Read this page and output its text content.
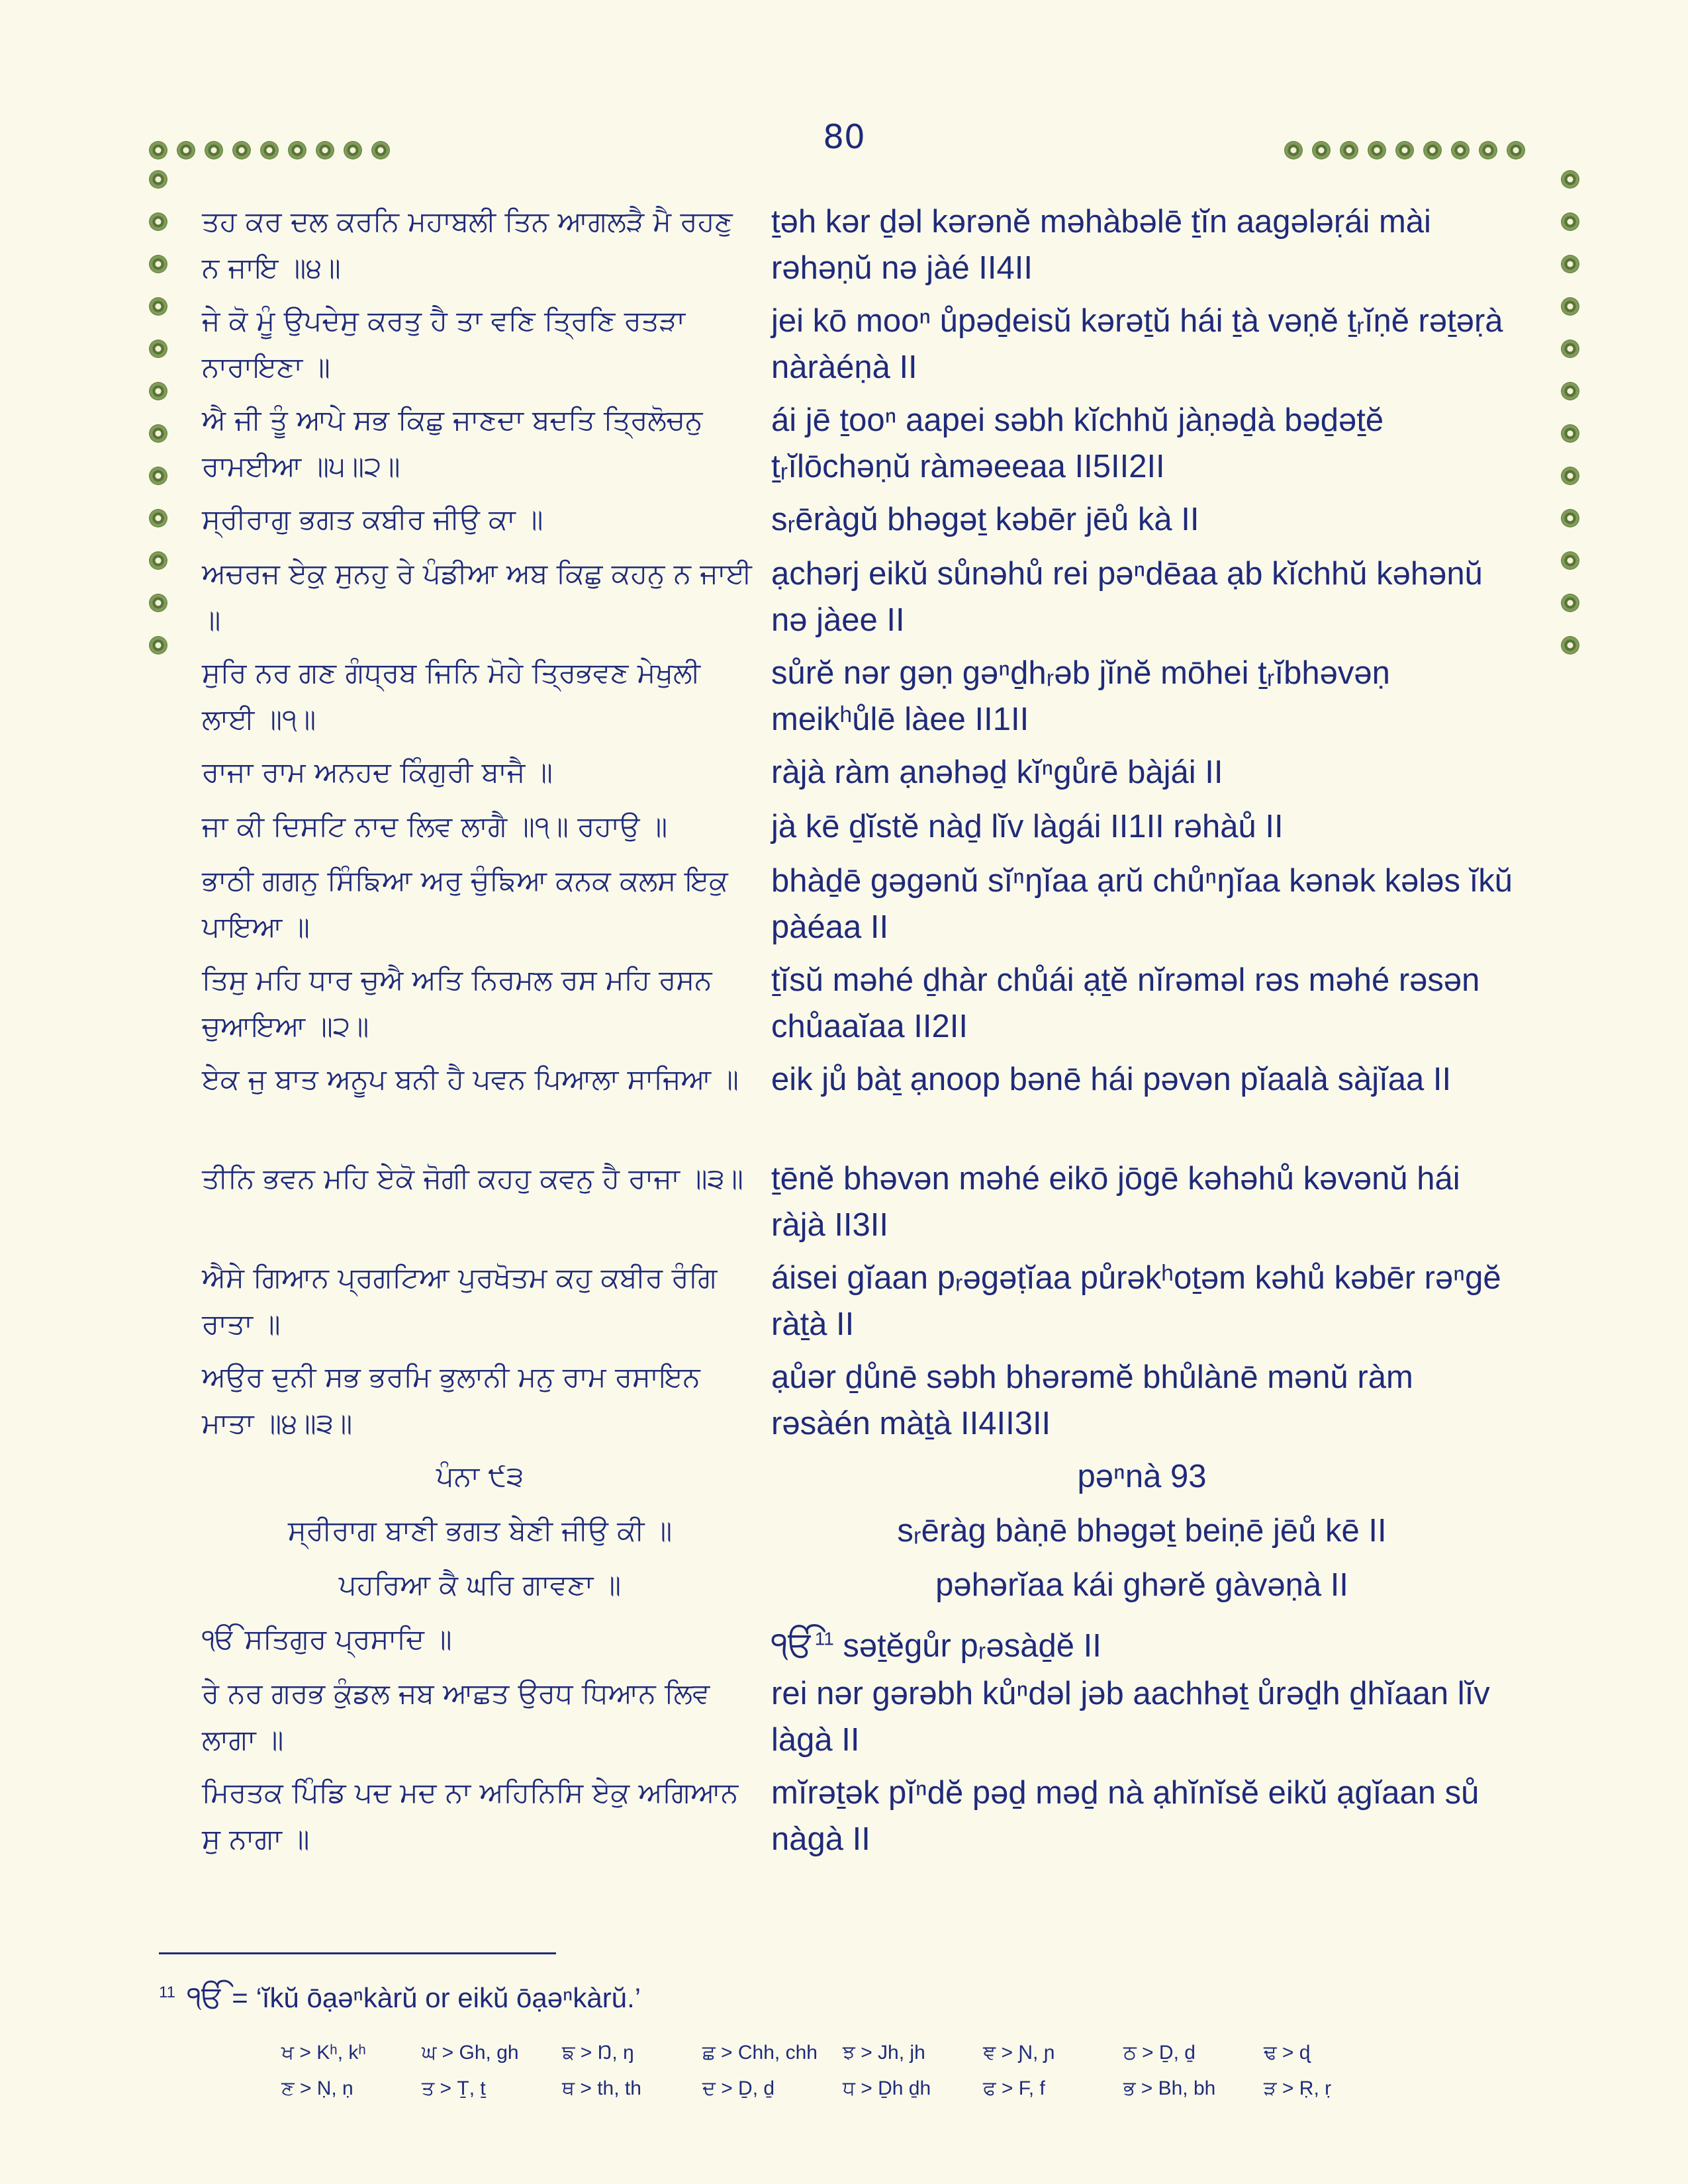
80
ਤਹ ਕਰ ਦਲ ਕਰਨਿ ਮਹਾਬਲੀ ਤਿਨ ਆਗਲੜੈ ਮੈ ਰਹਣੁ ਨ ਜਾਇ ॥੪॥
ṯəh kər ḏəl kərənĕ məhàbəlē ṯĭn aagələṛái mài rəhəṇŭ nə jàé II4II
ਜੇ ਕੋ ਮੂੰ ਉਪਦੇਸੁ ਕਰਤੁ ਹੈ ਤਾ ਵਣਿ ਤ੍ਰਿਣਿ ਰਤੜਾ ਨਾਰਾਇਣਾ ॥
jei kō mooⁿ ůpəḏeisŭ kərəṯŭ hái ṯà vəṇĕ ṯᵣĭṇĕ rəṯəṛà nàràéṇà II
ਐ ਜੀ ਤੂੰ ਆਪੇ ਸਭ ਕਿਛੁ ਜਾਣਦਾ ਬਦਤਿ ਤ੍ਰਿਲੋਚਨੁ ਰਾਮਈਆ ॥੫॥੨॥
ái jē ṯooⁿ aapei səbh kĭchhŭ jàṇəḏà bəḏəṯĕ ṯᵣĭlōchəṇŭ ràməeeaa II5II2II
ਸ੍ਰੀਰਾਗੁ ਭਗਤ ਕਬੀਰ ਜੀਉ ਕਾ ॥	sᵣēràgŭ bhəgəṯ kəbēr jēů kà II
ਅਚਰਜ ਏਕੁ ਸੁਨਹੁ ਰੇ ਪੰਡੀਆ ਅਬ ਕਿਛੁ ਕਹਨੁ ਨ ਜਾਈ ॥
ạchərj eikŭ sůnəhů rei pəⁿdēaa ạb kĭchhŭ kəhənŭ nə jàee II
ਸੁਰਿ ਨਰ ਗਣ ਗੰਧ੍ਰਬ ਜਿਨਿ ਮੋਹੇ ਤ੍ਰਿਭਵਣ ਮੇਖੁਲੀ ਲਾਈ ॥੧॥
sůrĕ nər gəṇ gəⁿḏhᵣəb jĭnĕ mōhei ṯᵣĭbhəvəṇ meikʰůlē làee II1II
ਰਾਜਾ ਰਾਮ ਅਨਹਦ ਕਿੰਗੁਰੀ ਬਾਜੈ ॥	ràjà ràm ạnəhəḏ kĭⁿgůrē bàjái II
ਜਾ ਕੀ ਦਿਸਟਿ ਨਾਦ ਲਿਵ ਲਾਗੈ ॥੧॥ ਰਹਾਉ ॥	jà kē ḏĭstĕ nàḏ lĭv làgái II1II rəhàů II
ਭਾਠੀ ਗਗਨੁ ਸਿੰਙਿਆ ਅਰੁ ਚੁੰਙਿਆ ਕਨਕ ਕਲਸ ਇਕੁ ਪਾਇਆ ॥
bhàḏē gəgənŭ sĭⁿŋĭaa ạrŭ chůⁿŋĭaa kənək kələs ĭkŭ pàéaa II
ਤਿਸੁ ਮਹਿ ਧਾਰ ਚੁਐ ਅਤਿ ਨਿਰਮਲ ਰਸ ਮਹਿ ਰਸਨ ਚੁਆਇਆ ॥੨॥
ṯĭsŭ məhé ḏhàr chůái ạṯĕ nĭrəməl rəs məhé rəsən chůaaĭaa II2II
ਏਕ ਜੁ ਬਾਤ ਅਨੂਪ ਬਨੀ ਹੈ ਪਵਨ ਪਿਆਲਾ ਸਾਜਿਆ ॥	eik jů bàṯ ạnoop bənē hái pəvən pĭaalà sàjĭaa II
ਤੀਨਿ ਭਵਨ ਮਹਿ ਏਕੋ ਜੋਗੀ ਕਹਹੁ ਕਵਨੁ ਹੈ ਰਾਜਾ ॥੩॥ ṯēnĕ bhəvən məhé eikō jōgē kəhəhů kəvənŭ hái ràjà II3II
ਐਸੇ ਗਿਆਨ ਪ੍ਰਗਟਿਆ ਪੁਰਖੋਤਮ ਕਹੁ ਕਬੀਰ ਰੰਗਿ ਰਾਤਾ ॥
áisei gĭaan pᵣəgəṭĭaa půrəkʰoṯəm kəhů kəbēr rəⁿgĕ ràṯà II
ਅਉਰ ਦੁਨੀ ਸਭ ਭਰਮਿ ਭੁਲਾਨੀ ਮਨੁ ਰਾਮ ਰਸਾਇਨ ਮਾਤਾ ॥੪॥੩॥
ạůər ḏůnē səbh bhərəmĕ bhůlànē mənŭ ràm rəsàén màṯà II4II3II
ਪੰਨਾ ੯੩	pəⁿnà 93
ਸ੍ਰੀਰਾਗ ਬਾਣੀ ਭਗਤ ਬੇਣੀ ਜੀਉ ਕੀ ॥	sᵣēràg bàṇē bhəgəṯ beiṇē jēů kē II
ਪਹਰਿਆ ਕੈ ਘਰਿ ਗਾਵਣਾ ॥	pəhərĭaa kái ghərĕ gàvəṇà II
ੴ ਸਤਿਗੁਰ ਪ੍ਰਸਾਦਿ ॥	ੴ$^{11}$ səṯĕgůr pᵣəsàḏĕ II
ਰੇ ਨਰ ਗਰਭ ਕੁੰਡਲ ਜਬ ਆਛਤ ਉਰਧ ਧਿਆਨ ਲਿਵ ਲਾਗਾ ॥
rei nər gərəbh kůⁿdəl jəb aachhəṯ ůrəḏh ḏhĭaan lĭv làgà II
ਮਿਰਤਕ ਪਿੰਡਿ ਪਦ ਮਦ ਨਾ ਅਹਿਨਿਸਿ ਏਕੁ ਅਗਿਆਨ ਸੁ ਨਾਗਾ ॥
mĭrəṯək pĭⁿdĕ pəḏ məḏ nà ạhĭnĭsĕ eikŭ ạgĭaan sů nàgà II
$^{11}$ ੴ = ‘ĭkŭ ōạəⁿkàrŭ or eikŭ ōạəⁿkàrŭ.’
ਖ > Kʰ, kʰ	ਘ > Gh, gh	ਙ > Ŋ, ŋ	ਛ > Chh, chh	ਝ > Jh, jh	ਞ > Ɲ, ɲ	ਠ > Ḏ, ḏ	ਢ > ɖ
ਣ > Ṇ, ṇ	ਤ > Ṯ, ṯ	ਥ > th, th	ਦ > Ḏ, ḏ	ਧ > Ḏh ḏh	ਫ > F, f	ਭ > Bh, bh	ੜ > Ṛ, ṛ
